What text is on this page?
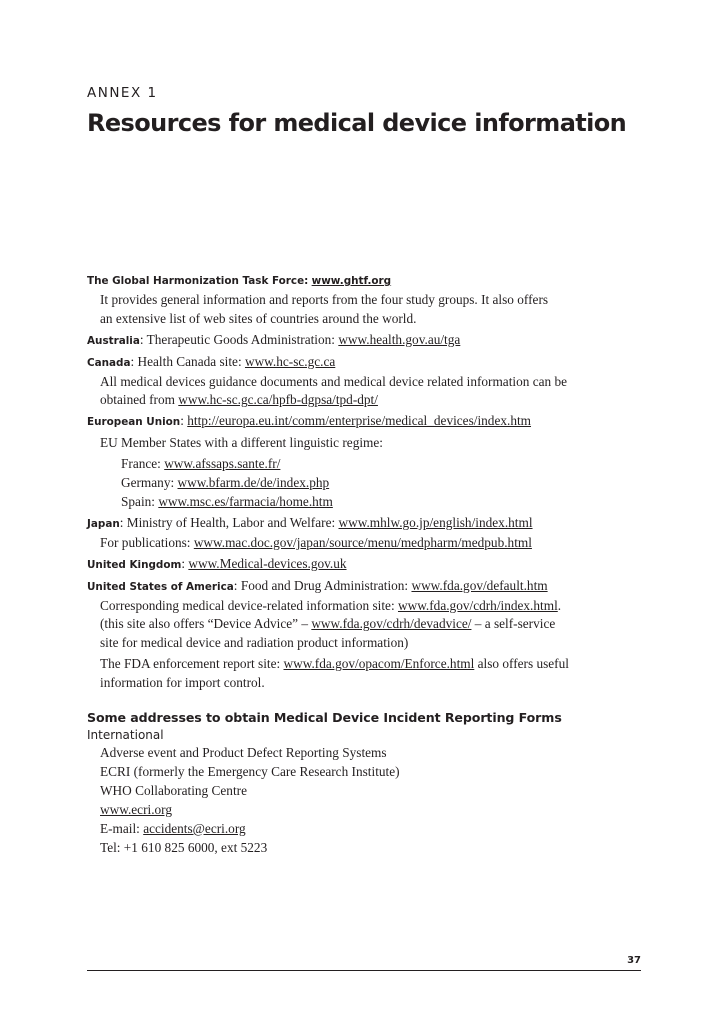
ANNEX 1
Resources for medical device information
The Global Harmonization Task Force: www.ghtf.org
It provides general information and reports from the four study groups. It also offers
an extensive list of web sites of countries around the world.
Australia: Therapeutic Goods Administration: www.health.gov.au/tga
Canada: Health Canada site: www.hc-sc.gc.ca
All medical devices guidance documents and medical device related information can be
obtained from www.hc-sc.gc.ca/hpfb-dgpsa/tpd-dpt/
European Union: http://europa.eu.int/comm/enterprise/medical_devices/index.htm
EU Member States with a different linguistic regime:
France: www.afssaps.sante.fr/
Germany: www.bfarm.de/de/index.php
Spain: www.msc.es/farmacia/home.htm
Japan: Ministry of Health, Labor and Welfare: www.mhlw.go.jp/english/index.html
For publications: www.mac.doc.gov/japan/source/menu/medpharm/medpub.html
United Kingdom: www.Medical-devices.gov.uk
United States of America: Food and Drug Administration: www.fda.gov/default.htm
Corresponding medical device-related information site: www.fda.gov/cdrh/index.html.
(this site also offers “Device Advice” – www.fda.gov/cdrh/devadvice/ – a self-service
site for medical device and radiation product information)
The FDA enforcement report site: www.fda.gov/opacom/Enforce.html also offers useful
information for import control.
Some addresses to obtain Medical Device Incident Reporting Forms
International
Adverse event and Product Defect Reporting Systems
ECRI (formerly the Emergency Care Research Institute)
WHO Collaborating Centre
www.ecri.org
E-mail: accidents@ecri.org
Tel: +1 610 825 6000, ext 5223
37
